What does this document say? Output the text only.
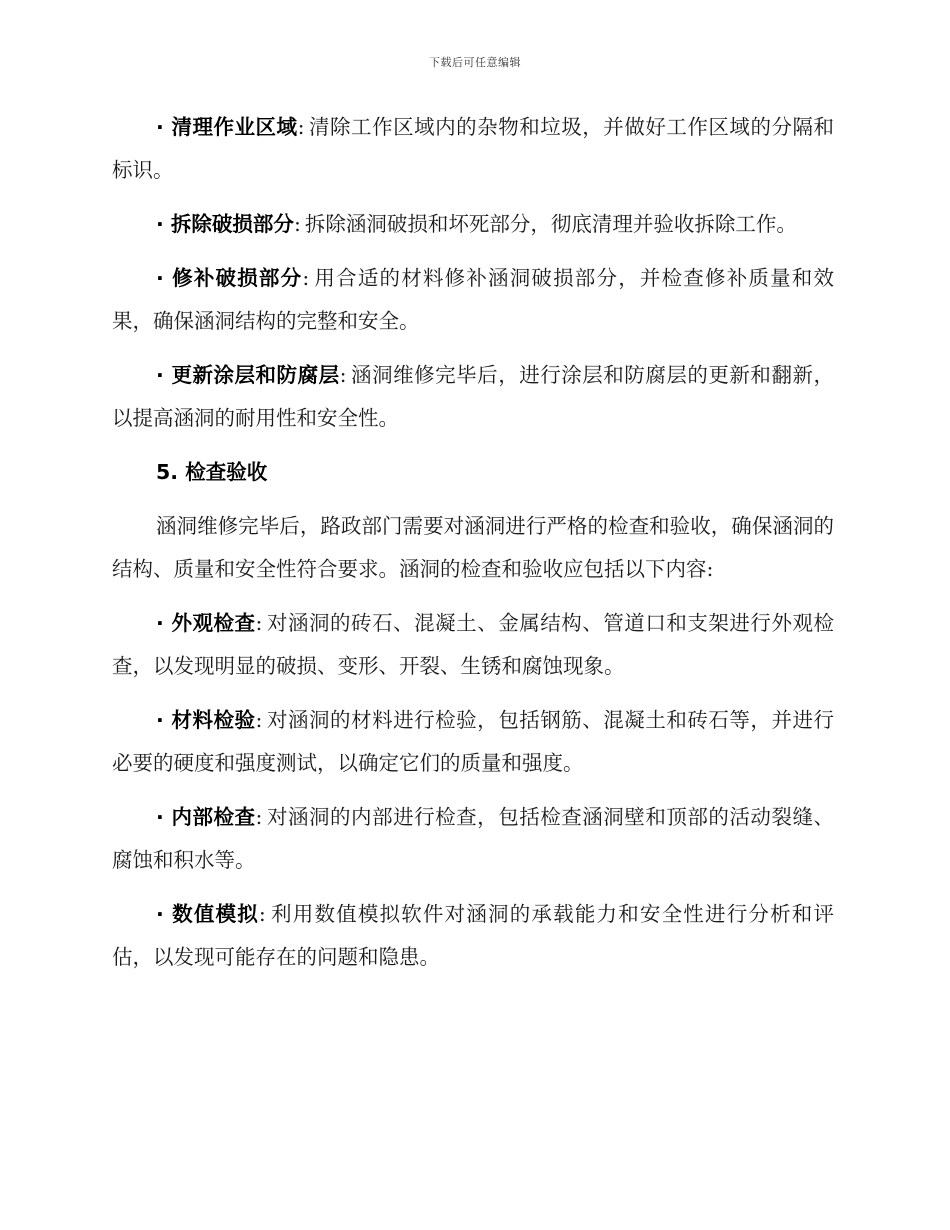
下载后可任意编辑

· 清理作业区域: 清除工作区域内的杂物和垃圾，并做好工作区域的分隔和标识。

· 拆除破损部分: 拆除涵洞破损和坏死部分，彻底清理并验收拆除工作。

· 修补破损部分: 用合适的材料修补涵洞破损部分，并检查修补质量和效果，确保涵洞结构的完整和安全。

· 更新涂层和防腐层: 涵洞维修完毕后，进行涂层和防腐层的更新和翻新，以提高涵洞的耐用性和安全性。

5. 检查验收

涵洞维修完毕后，路政部门需要对涵洞进行严格的检查和验收，确保涵洞的结构、质量和安全性符合要求。涵洞的检查和验收应包括以下内容:

· 外观检查: 对涵洞的砖石、混凝土、金属结构、管道口和支架进行外观检查，以发现明显的破损、变形、开裂、生锈和腐蚀现象。

· 材料检验: 对涵洞的材料进行检验，包括钢筋、混凝土和砖石等，并进行必要的硬度和强度测试，以确定它们的质量和强度。

· 内部检查: 对涵洞的内部进行检查，包括检查涵洞壁和顶部的活动裂缝、腐蚀和积水等。

· 数值模拟: 利用数值模拟软件对涵洞的承载能力和安全性进行分析和评估，以发现可能存在的问题和隐患。
